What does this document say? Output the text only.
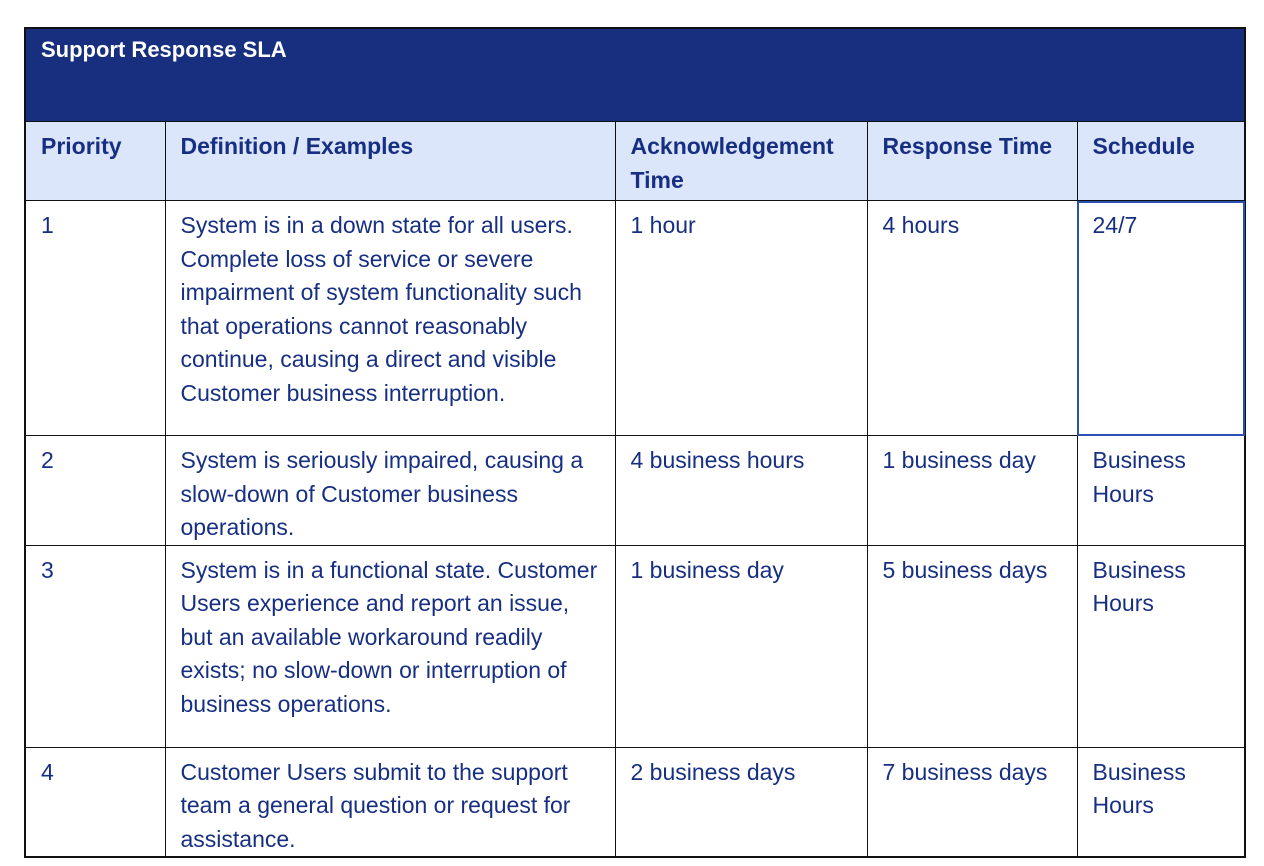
Support Response SLA				
Priority	Definition / Examples	Acknowledgement Time	Response Time	Schedule
1	System is in a down state for all users. Complete loss of service or severe impairment of system functionality such that operations cannot reasonably continue, causing a direct and visible Customer business interruption.	1 hour	4 hours	24/7
2	System is seriously impaired, causing a slow-down of Customer business operations.	4 business hours	1 business day	Business Hours
3	System is in a functional state. Customer Users experience and report an issue, but an available workaround readily exists; no slow-down or interruption of business operations.	1 business day	5 business days	Business Hours
4	Customer Users submit to the support team a general question or request for assistance.	2 business days	7 business days	Business Hours
